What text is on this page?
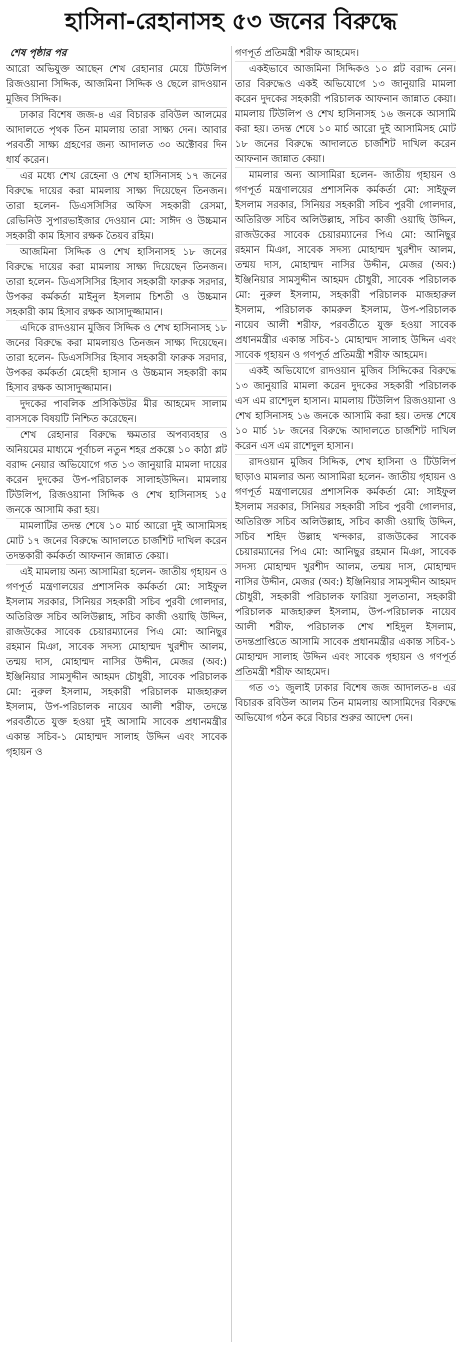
হাসিনা-রেহানাসহ ৫৩ জনের বিরুদ্ধে
শেষ পৃষ্ঠার পর

আরো অভিযুক্ত আছেন শেখ রেহানার মেয়ে টিউলিপ রিজওয়ানা সিদ্দিক, আজমিনা সিদ্দিক ও ছেলে রাদওয়ান মুজিব সিদ্দিক।

ঢাকার বিশেষ জজ-৪ এর বিচারক রবিউল আলমের আদালতে পৃথক তিন মামলায় তারা সাক্ষ্য দেন। আবার পরবর্তী সাক্ষ্য গ্রহণের জন্য আদালত ৩০ অক্টোবর দিন ধার্য করেন।

এর মধ্যে শেখ রেহেনা ও শেখ হাসিনাসহ ১৭ জনের বিরুদ্ধে দায়ের করা মামলায় সাক্ষ্য দিয়েছেন তিনজন। তারা হলেন- ডিএসসিসির অফিস সহকারী রেসমা, রেভিনিউ সুপারভাইজার দেওয়ান মো: সাঈদ ও উচ্চমান সহকারী কাম হিসাব রক্ষক তৈয়ব রহিম।

আজমিনা সিদ্দিক ও শেখ হাসিনাসহ ১৮ জনের বিরুদ্ধে দায়ের করা মামলায় সাক্ষ্য দিয়েছেন তিনজন। তারা হলেন- ডিএসসিসির হিসাব সহকারী ফারুক সরদার, উপকর কর্মকর্তা মাইনুল ইসলাম চিশতী ও উচ্চমান সহকারী কাম হিসাব রক্ষক আসাদুজ্জামান।

এদিকে রাদওয়ান মুজিব সিদ্দিক ও শেখ হাসিনাসহ ১৮ জনের বিরুদ্ধে করা মামলায়ও তিনজন সাক্ষ্য দিয়েছেন। তারা হলেন- ডিএসসিসির হিসাব সহকারী ফারুক সরদার, উপকর কর্মকর্তা মেহেদী হাসান ও উচ্চমান সহকারী কাম হিসাব রক্ষক আসাদুজ্জামান।

দুদকের পাবলিক প্রসিকিউটর মীর আহমেদ সালাম বাসসকে বিষয়টি নিশ্চিত করেছেন।

শেখ রেহানার বিরুদ্ধে ক্ষমতার অপব্যবহার ও অনিয়মের মাধ্যমে পূর্বাচল নতুন শহর প্রকল্পে ১০ কাঠা প্লট বরাদ্দ নেয়ার অভিযোগে গত ১৩ জানুয়ারি মামলা দায়ের করেন দুদকের উপ-পরিচালক সালাহউদ্দিন। মামলায় টিউলিপ, রিজওয়ানা সিদ্দিক ও শেখ হাসিনাসহ ১৫ জনকে আসামি করা হয়।

মামলাটির তদন্ত শেষে ১০ মার্চ আরো দুই আসামিসহ মোট ১৭ জনের বিরুদ্ধে আদালতে চার্জশিট দাখিল করেন তদন্তকারী কর্মকর্তা আফনান জান্নাত কেয়া।

এই মামলায় অন্য আসামিরা হলেন- জাতীয় গৃহায়ন ও গণপূর্ত মন্ত্রণালয়ের প্রশাসনিক কর্মকর্তা মো: সাইফুল ইসলাম সরকার, সিনিয়র সহকারী সচিব পুরবী গোলদার, অতিরিক্ত সচিব অলিউল্লাহ, সচিব কাজী ওয়াছি উদ্দিন, রাজউকের সাবেক চেয়ারম্যানের পিএ মো: আনিছুর রহমান মিঞা, সাবেক সদস্য মোহাম্মদ খুরশীদ আলম, তন্ময় দাস, মোহাম্মদ নাসির উদ্দীন, মেজর (অব:) ইঞ্জিনিয়ার সামসুদ্দীন আহমদ চৌধুরী, সাবেক পরিচালক মো: নুরুল ইসলাম, সহকারী পরিচালক মাজহারুল ইসলাম, উপ-পরিচালক নায়েব আলী শরীফ, তদন্তে পরবর্তীতে যুক্ত হওয়া দুই আসামি সাবেক প্রধানমন্ত্রীর একান্ত সচিব-১ মোহাম্মদ সালাহ উদ্দিন এবং সাবেক গৃহায়ন ও

গণপূর্ত প্রতিমন্ত্রী শরীফ আহমেদ।

একইভাবে আজমিনা সিদ্দিকও ১০ প্লট বরাদ্দ নেন। তার বিরুদ্ধেও একই অভিযোগে ১৩ জানুয়ারি মামলা করেন দুদকের সহকারী পরিচালক আফনান জান্নাত কেয়া। মামলায় টিউলিপ ও শেখ হাসিনাসহ ১৬ জনকে আসামি করা হয়। তদন্ত শেষে ১০ মার্চ আরো দুই আসামিসহ মোট ১৮ জনের বিরুদ্ধে আদালতে চার্জশিট দাখিল করেন আফনান জান্নাত কেয়া।

মামলার অন্য আসামিরা হলেন- জাতীয় গৃহায়ন ও গণপূর্ত মন্ত্রণালয়ের প্রশাসনিক কর্মকর্তা মো: সাইফুল ইসলাম সরকার, সিনিয়র সহকারী সচিব পুরবী গোলদার, অতিরিক্ত সচিব অলিউল্লাহ, সচিব কাজী ওয়াছি উদ্দিন, রাজউকের সাবেক চেয়ারম্যানের পিএ মো: আনিছুর রহমান মিঞা, সাবেক সদস্য মোহাম্মদ খুরশীদ আলম, তন্ময় দাস, মোহাম্মদ নাসির উদ্দীন, মেজর (অব:) ইঞ্জিনিয়ার সামসুদ্দীন আহমদ চৌধুরী, সাবেক পরিচালক মো: নুরুল ইসলাম, সহকারী পরিচালক মাজহারুল ইসলাম, পরিচালক কামরুল ইসলাম, উপ-পরিচালক নায়েব আলী শরীফ, পরবর্তীতে যুক্ত হওয়া সাবেক প্রধানমন্ত্রীর একান্ত সচিব-১ মোহাম্মদ সালাহ উদ্দিন এবং সাবেক গৃহায়ন ও গণপূর্ত প্রতিমন্ত্রী শরীফ আহমেদ।

একই অভিযোগে রাদওয়ান মুজিব সিদ্দিকের বিরুদ্ধে ১৩ জানুয়ারি মামলা করেন দুদকের সহকারী পরিচালক এস এম রাশেদুল হাসান। মামলায় টিউলিপ রিজওয়ানা ও শেখ হাসিনাসহ ১৬ জনকে আসামি করা হয়। তদন্ত শেষে ১০ মার্চ ১৮ জনের বিরুদ্ধে আদালতে চার্জশিট দাখিল করেন এস এম রাশেদুল হাসান।

রাদওয়ান মুজিব সিদ্দিক, শেখ হাসিনা ও টিউলিপ ছাড়াও মামলার অন্য আসামিরা হলেন- জাতীয় গৃহায়ন ও গণপূর্ত মন্ত্রণালয়ের প্রশাসনিক কর্মকর্তা মো: সাইফুল ইসলাম সরকার, সিনিয়র সহকারী সচিব পুরবী গোলদার, অতিরিক্ত সচিব অলিউল্লাহ, সচিব কাজী ওয়াছি উদ্দিন, সচিব শহিদ উল্লাহ খন্দকার, রাজউকের সাবেক চেয়ারম্যানের পিএ মো: আনিছুর রহমান মিঞা, সাবেক সদস্য মোহাম্মদ খুরশীদ আলম, তন্ময় দাস, মোহাম্মদ নাসির উদ্দীন, মেজর (অব:) ইঞ্জিনিয়ার সামসুদ্দীন আহমদ চৌধুরী, সহকারী পরিচালক ফারিয়া সুলতানা, সহকারী পরিচালক মাজহারুল ইসলাম, উপ-পরিচালক নায়েব আলী শরীফ, পরিচালক শেখ শহিদুল ইসলাম, তদন্তপ্রাপ্তিতে আসামি সাবেক প্রধানমন্ত্রীর একান্ত সচিব-১ মোহাম্মদ সালাহ উদ্দিন এবং সাবেক গৃহায়ন ও গণপূর্ত প্রতিমন্ত্রী শরীফ আহমেদ।

গত ৩১ জুলাই ঢাকার বিশেষ জজ আদালত-৪ এর বিচারক রবিউল আলম তিন মামলায় আসামিদের বিরুদ্ধে অভিযোগ গঠন করে বিচার শুরুর আদেশ দেন।
